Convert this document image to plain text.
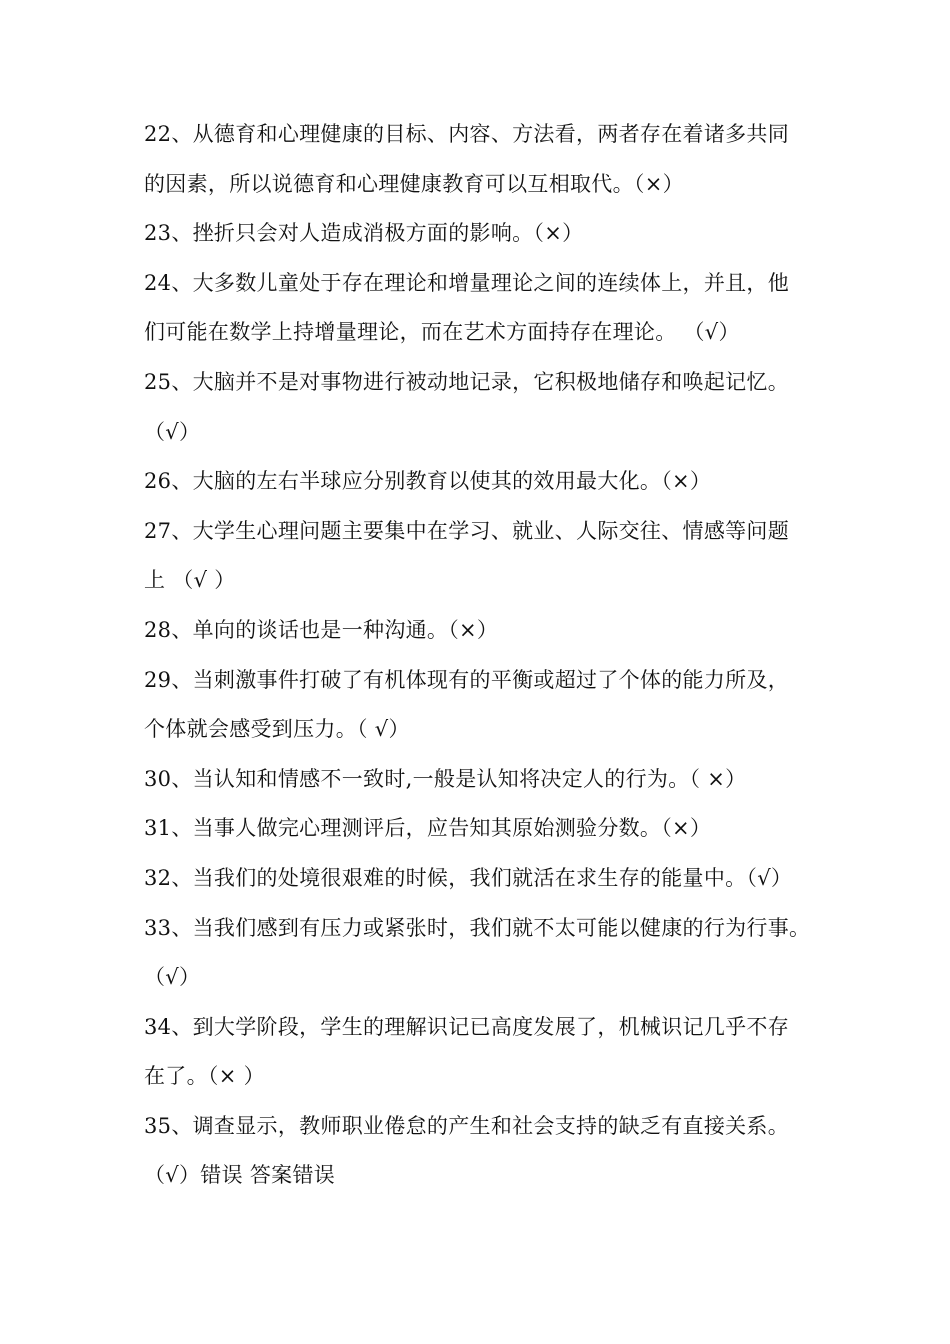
22、从德育和心理健康的目标、内容、方法看，两者存在着诸多共同
的因素，所以说德育和心理健康教育可以互相取代。（×）
23、挫折只会对人造成消极方面的影响。（×）
24、大多数儿童处于存在理论和增量理论之间的连续体上，并且，他
们可能在数学上持增量理论，而在艺术方面持存在理论。 （√）
25、大脑并不是对事物进行被动地记录，它积极地储存和唤起记忆。
（√）
26、大脑的左右半球应分别教育以使其的效用最大化。（×）
27、大学生心理问题主要集中在学习、就业、人际交往、情感等问题
上 （√ ）
28、单向的谈话也是一种沟通。（×）
29、当刺激事件打破了有机体现有的平衡或超过了个体的能力所及，
个体就会感受到压力。（ √）
30、当认知和情感不一致时,一般是认知将决定人的行为。（ ×）
31、当事人做完心理测评后，应告知其原始测验分数。（×）
32、当我们的处境很艰难的时候，我们就活在求生存的能量中。（√）
33、当我们感到有压力或紧张时，我们就不太可能以健康的行为行事。
（√）
34、到大学阶段，学生的理解识记已高度发展了，机械识记几乎不存
在了。（× ）
35、调查显示，教师职业倦怠的产生和社会支持的缺乏有直接关系。
（√）错误 答案错误
